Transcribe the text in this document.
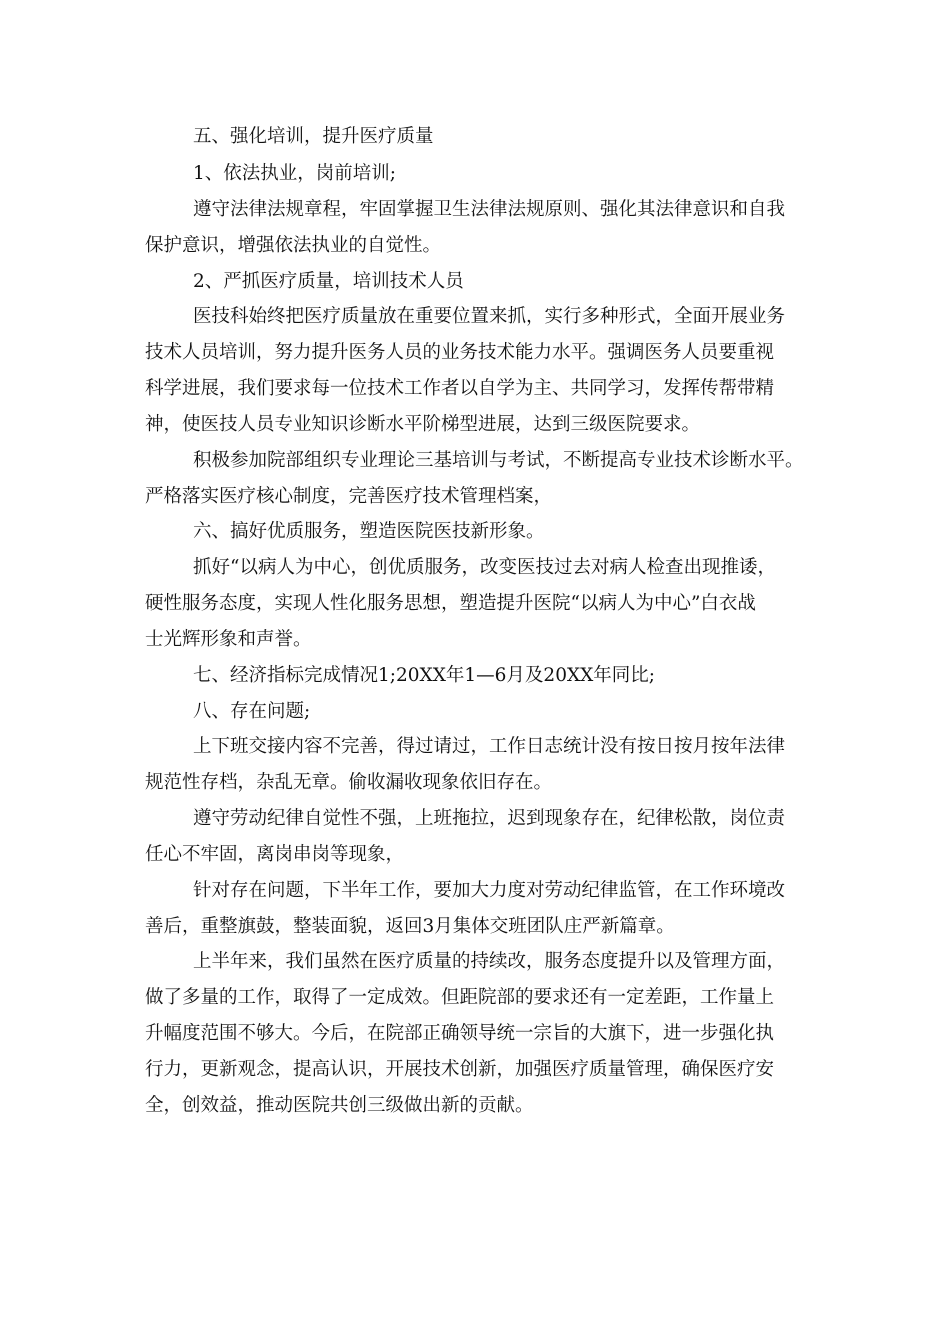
五、强化培训，提升医疗质量

1、依法执业，岗前培训;

遵守法律法规章程，牢固掌握卫生法律法规原则、强化其法律意识和自我

保护意识，增强依法执业的自觉性。

2、严抓医疗质量，培训技术人员

医技科始终把医疗质量放在重要位置来抓，实行多种形式，全面开展业务

技术人员培训，努力提升医务人员的业务技术能力水平。强调医务人员要重视

科学进展，我们要求每一位技术工作者以自学为主、共同学习，发挥传帮带精

神，使医技人员专业知识诊断水平阶梯型进展，达到三级医院要求。

积极参加院部组织专业理论三基培训与考试，不断提高专业技术诊断水平。

严格落实医疗核心制度，完善医疗技术管理档案，

六、搞好优质服务，塑造医院医技新形象。

抓好“以病人为中心，创优质服务，改变医技过去对病人检查出现推诿，

硬性服务态度，实现人性化服务思想，塑造提升医院“以病人为中心”白衣战

士光辉形象和声誉。

七、经济指标完成情况1;20XX年1—6月及20XX年同比;

八、存在问题;

上下班交接内容不完善，得过请过，工作日志统计没有按日按月按年法律

规范性存档，杂乱无章。偷收漏收现象依旧存在。

遵守劳动纪律自觉性不强，上班拖拉，迟到现象存在，纪律松散，岗位责

任心不牢固，离岗串岗等现象，

针对存在问题，下半年工作，要加大力度对劳动纪律监管，在工作环境改

善后，重整旗鼓，整装面貌，返回3月集体交班团队庄严新篇章。

上半年来，我们虽然在医疗质量的持续改，服务态度提升以及管理方面，

做了多量的工作，取得了一定成效。但距院部的要求还有一定差距，工作量上

升幅度范围不够大。今后，在院部正确领导统一宗旨的大旗下，进一步强化执

行力，更新观念，提高认识，开展技术创新，加强医疗质量管理，确保医疗安

全，创效益，推动医院共创三级做出新的贡献。
